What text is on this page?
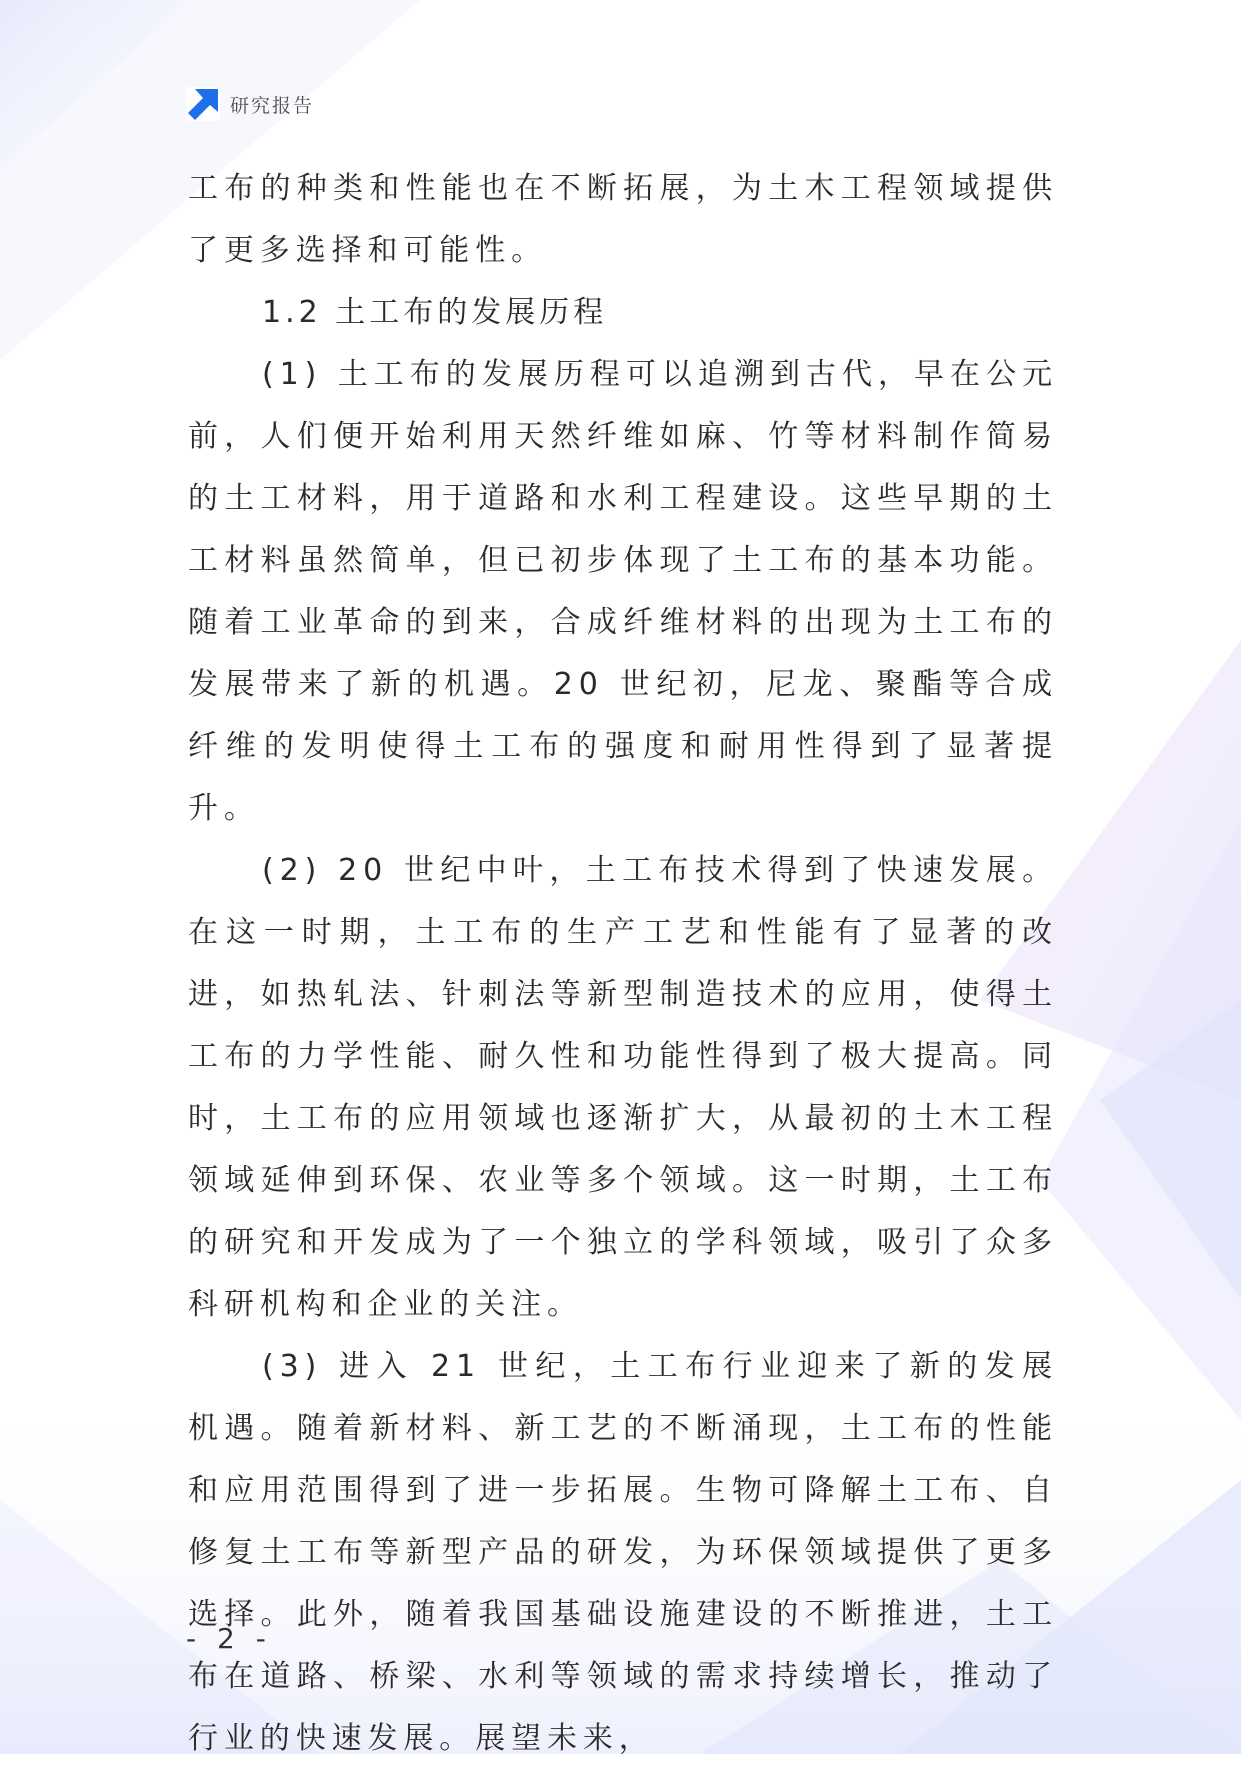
研究报告

工布的种类和性能也在不断拓展，为土木工程领域提供了更多选择和可能性。

1.2 土工布的发展历程

(1) 土工布的发展历程可以追溯到古代，早在公元前，人们便开始利用天然纤维如麻、竹等材料制作简易的土工材料，用于道路和水利工程建设。这些早期的土工材料虽然简单，但已初步体现了土工布的基本功能。随着工业革命的到来，合成纤维材料的出现为土工布的发展带来了新的机遇。20 世纪初，尼龙、聚酯等合成纤维的发明使得土工布的强度和耐用性得到了显著提升。

(2) 20 世纪中叶，土工布技术得到了快速发展。在这一时期，土工布的生产工艺和性能有了显著的改进，如热轧法、针刺法等新型制造技术的应用，使得土工布的力学性能、耐久性和功能性得到了极大提高。同时，土工布的应用领域也逐渐扩大，从最初的土木工程领域延伸到环保、农业等多个领域。这一时期，土工布的研究和开发成为了一个独立的学科领域，吸引了众多科研机构和企业的关注。

(3) 进入 21 世纪，土工布行业迎来了新的发展机遇。随着新材料、新工艺的不断涌现，土工布的性能和应用范围得到了进一步拓展。生物可降解土工布、自修复土工布等新型产品的研发，为环保领域提供了更多选择。此外，随着我国基础设施建设的不断推进，土工布在道路、桥梁、水利等领域的需求持续增长，推动了行业的快速发展。展望未来，

- 2 -
